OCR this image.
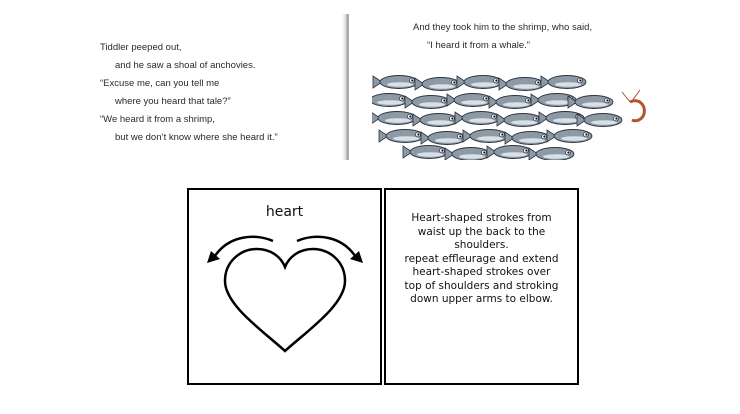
Tiddler peeped out,
and he saw a shoal of anchovies.
“Excuse me, can you tell me
where you heard that tale?”
“We heard it from a shrimp,
but we don’t know where she heard it.”
And they took him to the shrimp, who said,
“I heard it from a whale.”
heart	Heart-shaped strokes from
waist up the back to the
shoulders.
repeat effleurage and extend
heart-shaped strokes over
top of shoulders and stroking
down upper arms to elbow.
